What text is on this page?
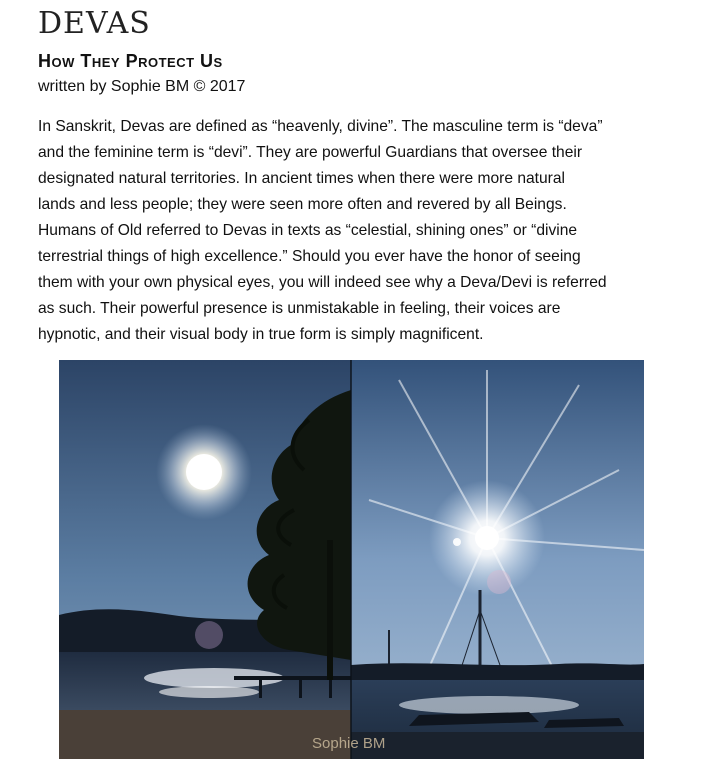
DEVAS
How They Protect Us
written by Sophie BM © 2017
In Sanskrit, Devas are defined as “heavenly, divine”. The masculine term is “deva”
and the feminine term is “devi”. They are powerful Guardians that oversee their
designated natural territories. In ancient times when there were more natural
lands and less people; they were seen more often and revered by all Beings.
Humans of Old referred to Devas in texts as “celestial, shining ones” or “divine
terrestrial things of high excellence.” Should you ever have the honor of seeing
them with your own physical eyes, you will indeed see why a Deva/Devi is referred
as such. Their powerful presence is unmistakable in feeling, their voices are
hypnotic, and their visual body in true form is simply magnificent.
Sophie BM
